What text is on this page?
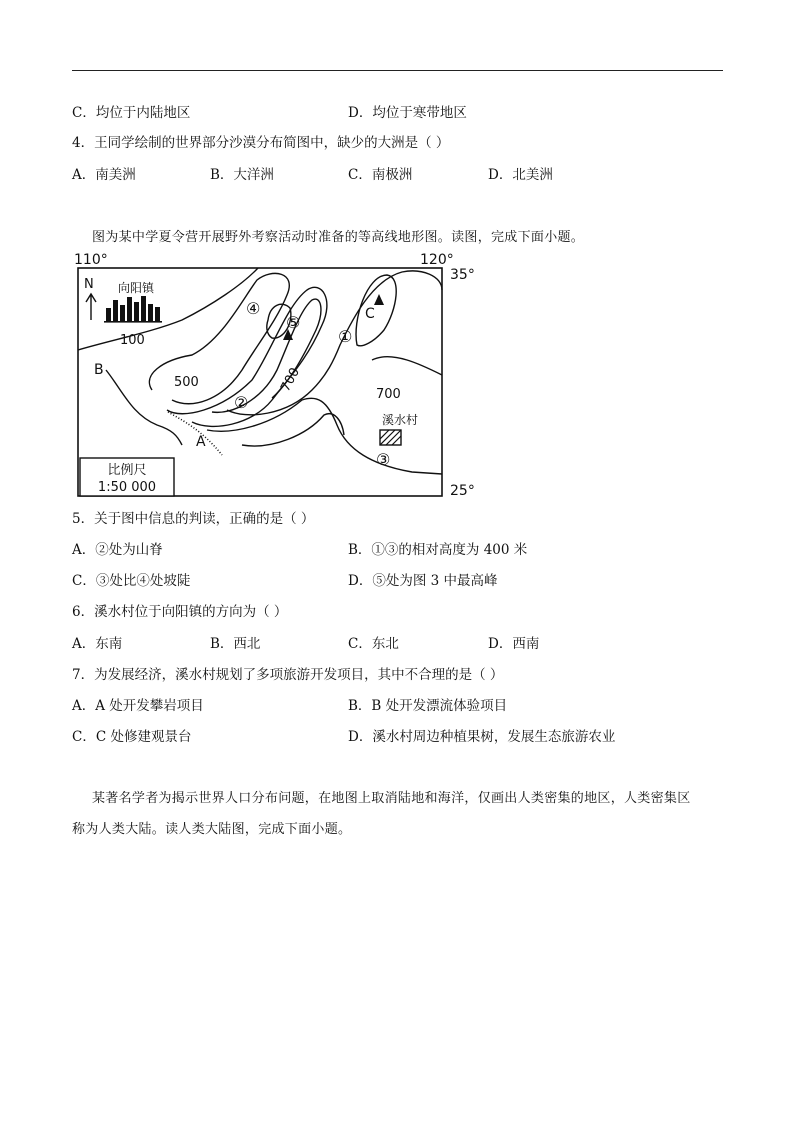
C．均位于内陆地区	D．均位于寒带地区
4．王同学绘制的世界部分沙漠分布简图中，缺少的大洲是（ ）
A．南美洲	B．大洋洲	C．南极洲	D．北美洲
图为某中学夏令营开展野外考察活动时准备的等高线地形图。读图，完成下面小题。
110°	120°
35°
25°
N 向阳镇
100
500	700
700
B
A
C
①
②
③
④
⑤
溪水村
比例尺
1:50 000
5．关于图中信息的判读，正确的是（ ）
A．②处为山脊	B．①③的相对高度为 400 米
C．③处比④处坡陡	D．⑤处为图 3 中最高峰
6．溪水村位于向阳镇的方向为（ ）
A．东南	B．西北	C．东北	D．西南
7．为发展经济，溪水村规划了多项旅游开发项目，其中不合理的是（ ）
A．A 处开发攀岩项目	B．B 处开发漂流体验项目
C．C 处修建观景台	D．溪水村周边种植果树，发展生态旅游农业
某著名学者为揭示世界人口分布问题，在地图上取消陆地和海洋，仅画出人类密集的地区，人类密集区
称为人类大陆。读人类大陆图，完成下面小题。
